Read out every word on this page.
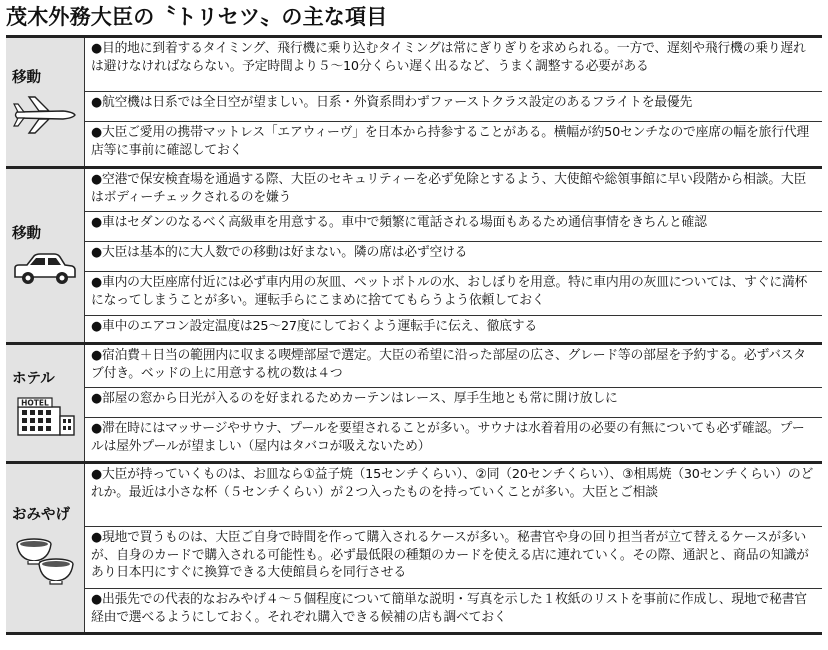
茂木外務大臣の〝トリセツ〟の主な項目
移動
●目的地に到着するタイミング、飛行機に乗り込むタイミングは常にぎりぎりを求められる。一方で、遅刻や飛行機の乗り遅れは避けなければならない。予定時間より５～10分くらい遅く出るなど、うまく調整する必要がある
●航空機は日系では全日空が望ましい。日系・外資系問わずファーストクラス設定のあるフライトを最優先
●大臣ご愛用の携帯マットレス「エアウィーヴ」を日本から持参することがある。横幅が約50センチなので座席の幅を旅行代理店等に事前に確認しておく
移動
●空港で保安検査場を通過する際、大臣のセキュリティーを必ず免除とするよう、大使館や総領事館に早い段階から相談。大臣はボディーチェックされるのを嫌う
●車はセダンのなるべく高級車を用意する。車中で頻繁に電話される場面もあるため通信事情をきちんと確認
●大臣は基本的に大人数での移動は好まない。隣の席は必ず空ける
●車内の大臣座席付近には必ず車内用の灰皿、ペットボトルの水、おしぼりを用意。特に車内用の灰皿については、すぐに満杯になってしまうことが多い。運転手らにこまめに捨ててもらうよう依頼しておく
●車中のエアコン設定温度は25～27度にしておくよう運転手に伝え、徹底する
ホテル
HOTEL
●宿泊費＋日当の範囲内に収まる喫煙部屋で選定。大臣の希望に沿った部屋の広さ、グレード等の部屋を予約する。必ずバスタブ付き。ベッドの上に用意する枕の数は４つ
●部屋の窓から日光が入るのを好まれるためカーテンはレース、厚手生地とも常に開け放しに
●滞在時にはマッサージやサウナ、プールを要望されることが多い。サウナは水着着用の必要の有無についても必ず確認。プールは屋外プールが望ましい（屋内はタバコが吸えないため）
おみやげ
●大臣が持っていくものは、お皿なら①益子焼（15センチくらい）、②同（20センチくらい）、③相馬焼（30センチくらい）のどれか。最近は小さな杯（５センチくらい）が２つ入ったものを持っていくことが多い。大臣とご相談
●現地で買うものは、大臣ご自身で時間を作って購入されるケースが多い。秘書官や身の回り担当者が立て替えるケースが多いが、自身のカードで購入される可能性も。必ず最低限の種類のカードを使える店に連れていく。その際、通訳と、商品の知識があり日本円にすぐに換算できる大使館員らを同行させる
●出張先での代表的なおみやげ４～５個程度について簡単な説明・写真を示した１枚紙のリストを事前に作成し、現地で秘書官経由で選べるようにしておく。それぞれ購入できる候補の店も調べておく
